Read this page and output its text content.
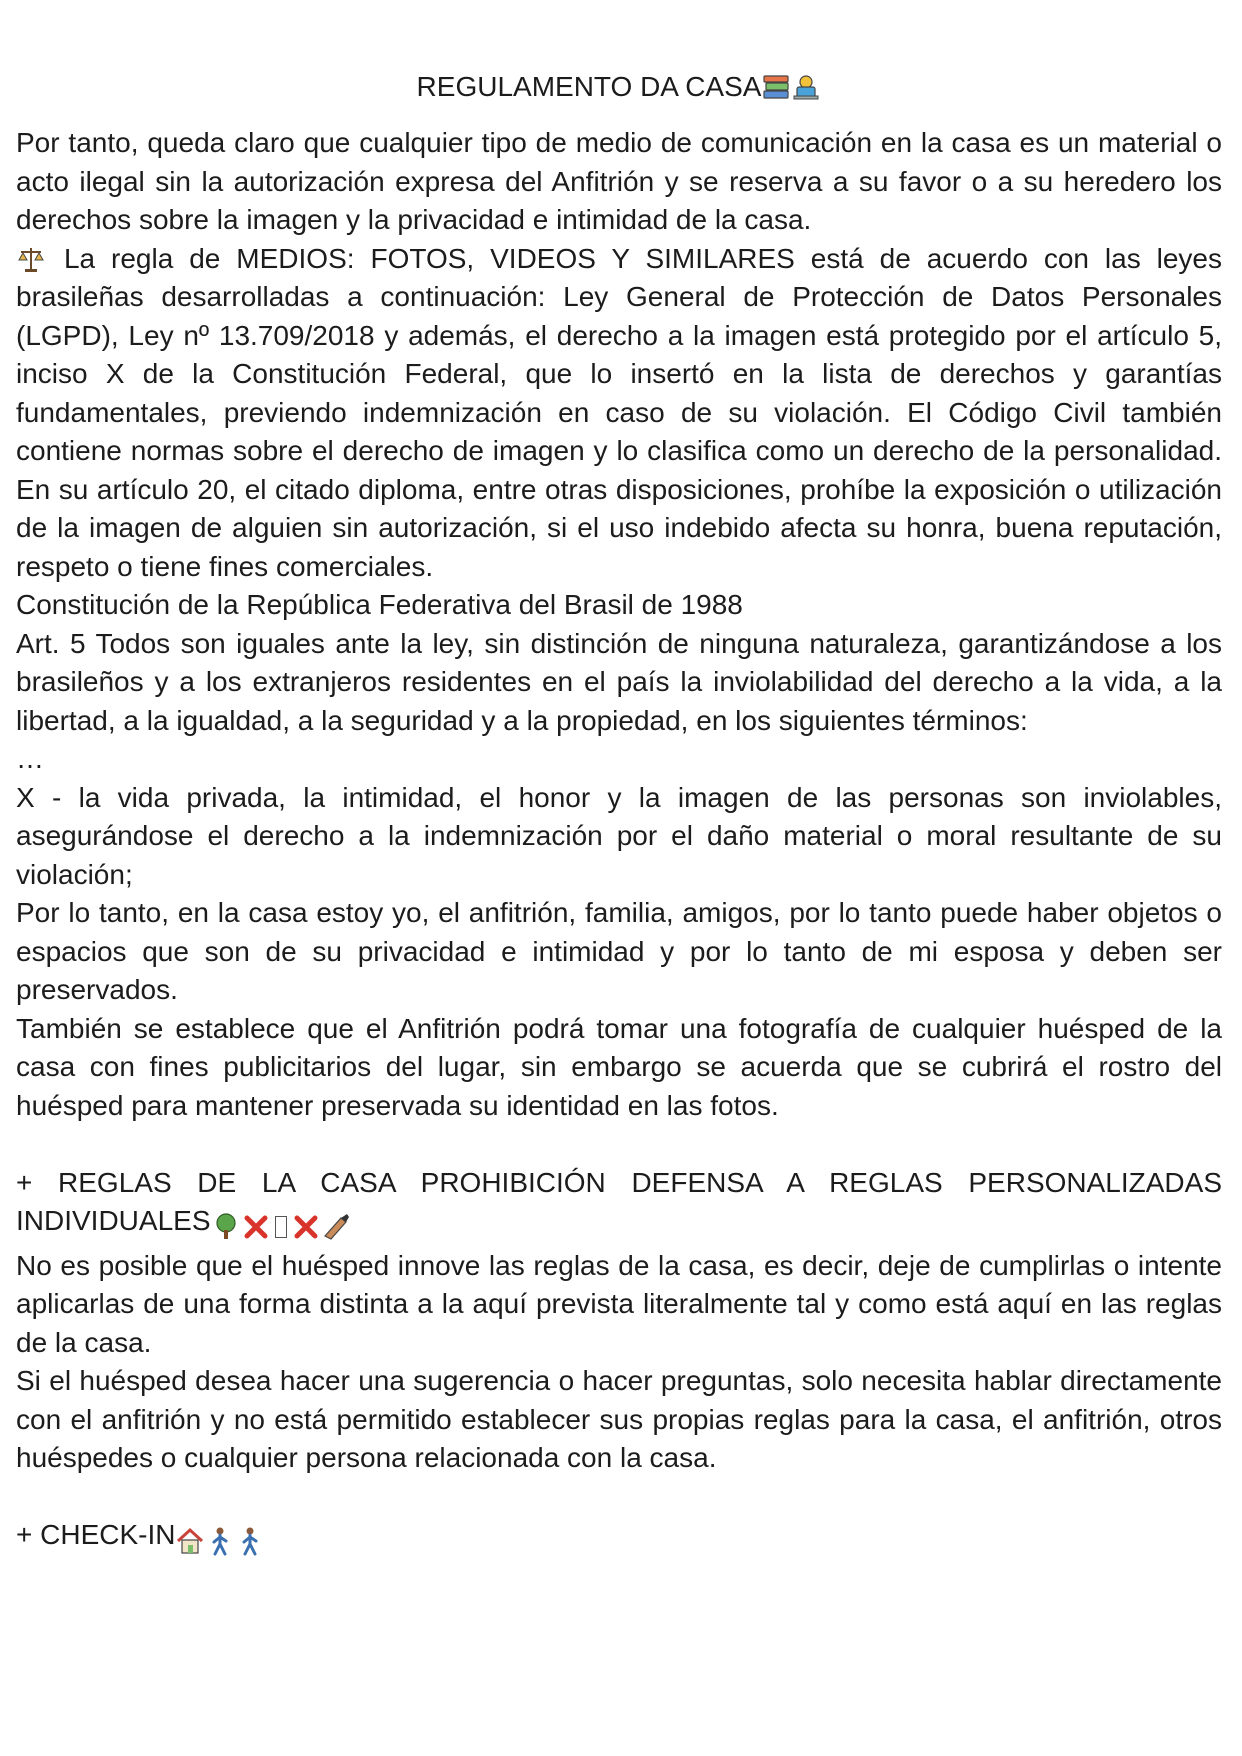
REGULAMENTO DA CASA

Por tanto, queda claro que cualquier tipo de medio de comunicación en la casa es un material o acto ilegal sin la autorización expresa del Anfitrión y se reserva a su favor o a su heredero los derechos sobre la imagen y la privacidad e intimidad de la casa.

La regla de MEDIOS: FOTOS, VIDEOS Y SIMILARES está de acuerdo con las leyes brasileñas desarrolladas a continuación: Ley General de Protección de Datos Personales (LGPD), Ley nº 13.709/2018 y además, el derecho a la imagen está protegido por el artículo 5, inciso X de la Constitución Federal, que lo insertó en la lista de derechos y garantías fundamentales, previendo indemnización en caso de su violación. El Código Civil también contiene normas sobre el derecho de imagen y lo clasifica como un derecho de la personalidad. En su artículo 20, el citado diploma, entre otras disposiciones, prohíbe la exposición o utilización de la imagen de alguien sin autorización, si el uso indebido afecta su honra, buena reputación, respeto o tiene fines comerciales.

Constitución de la República Federativa del Brasil de 1988

Art. 5 Todos son iguales ante la ley, sin distinción de ninguna naturaleza, garantizándose a los brasileños y a los extranjeros residentes en el país la inviolabilidad del derecho a la vida, a la libertad, a la igualdad, a la seguridad y a la propiedad, en los siguientes términos:

…

X - la vida privada, la intimidad, el honor y la imagen de las personas son inviolables, asegurándose el derecho a la indemnización por el daño material o moral resultante de su violación;

Por lo tanto, en la casa estoy yo, el anfitrión, familia, amigos, por lo tanto puede haber objetos o espacios que son de su privacidad e intimidad y por lo tanto de mi esposa y deben ser preservados.

También se establece que el Anfitrión podrá tomar una fotografía de cualquier huésped de la casa con fines publicitarios del lugar, sin embargo se acuerda que se cubrirá el rostro del huésped para mantener preservada su identidad en las fotos.

+ REGLAS DE LA CASA PROHIBICIÓN DEFENSA A REGLAS PERSONALIZADAS INDIVIDUALES

No es posible que el huésped innove las reglas de la casa, es decir, deje de cumplirlas o intente aplicarlas de una forma distinta a la aquí prevista literalmente tal y como está aquí en las reglas de la casa.

Si el huésped desea hacer una sugerencia o hacer preguntas, solo necesita hablar directamente con el anfitrión y no está permitido establecer sus propias reglas para la casa, el anfitrión, otros huéspedes o cualquier persona relacionada con la casa.

+ CHECK-IN
